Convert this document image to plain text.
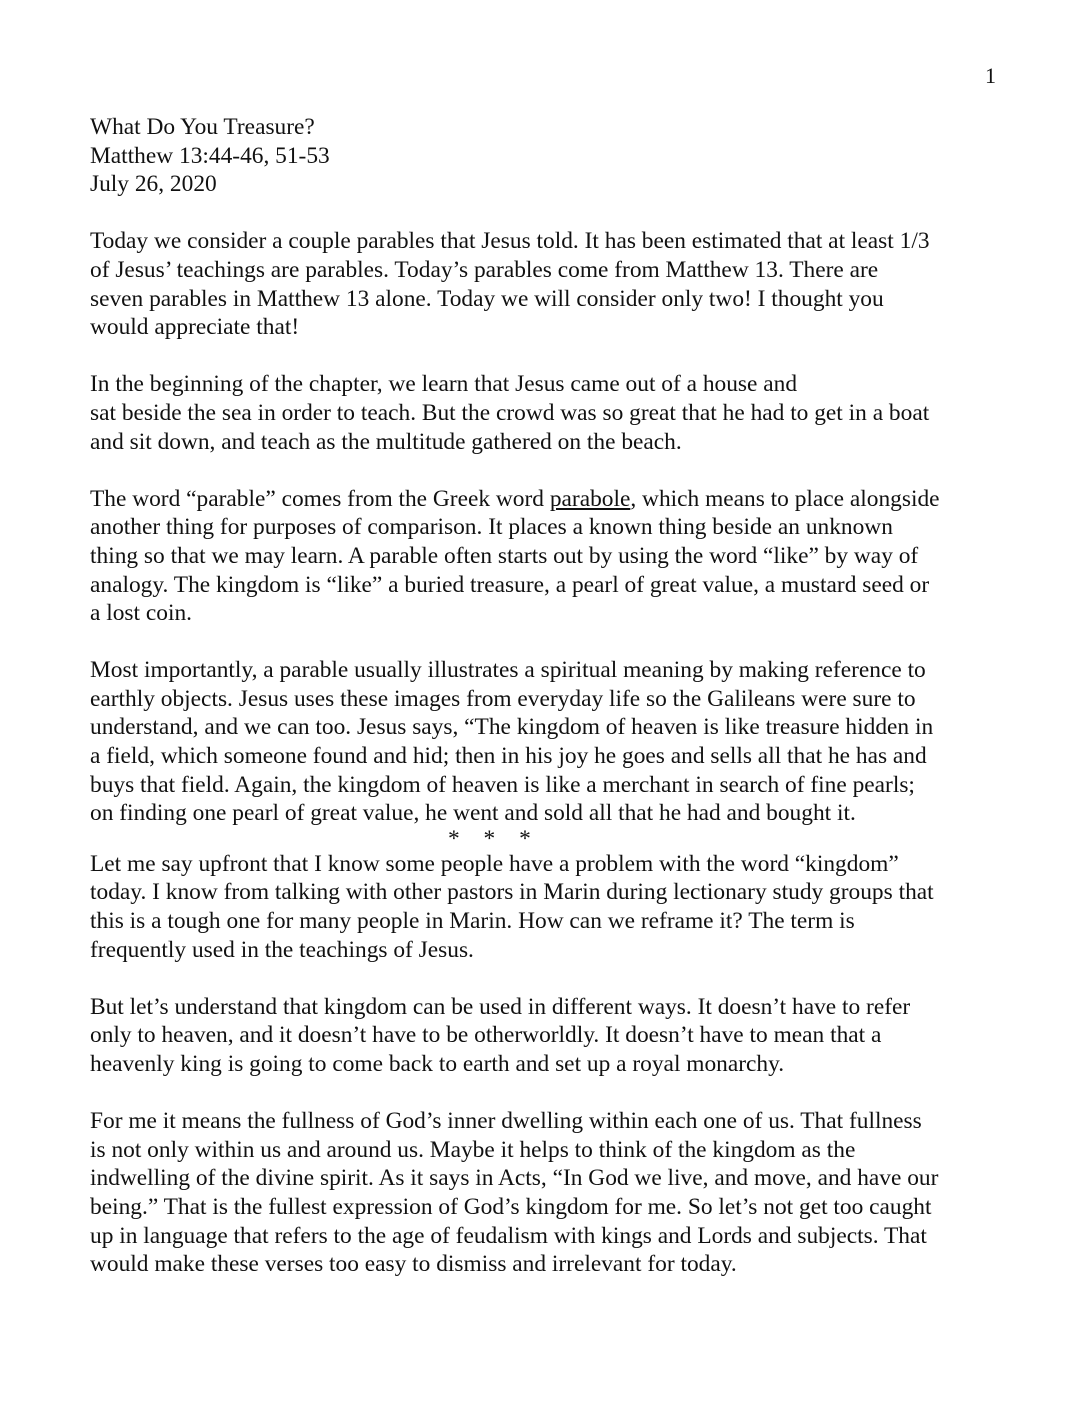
1
What Do You Treasure?
Matthew 13:44-46, 51-53
July 26, 2020
Today we consider a couple parables that Jesus told. It has been estimated that at least 1/3
of Jesus’ teachings are parables. Today’s parables come from Matthew 13. There are
seven parables in Matthew 13 alone. Today we will consider only two! I thought you
would appreciate that!
In the beginning of the chapter, we learn that Jesus came out of a house and
sat beside the sea in order to teach. But the crowd was so great that he had to get in a boat
and sit down, and teach as the multitude gathered on the beach.
The word “parable” comes from the Greek word parabole, which means to place alongside
another thing for purposes of comparison. It places a known thing beside an unknown
thing so that we may learn. A parable often starts out by using the word “like” by way of
analogy. The kingdom is “like” a buried treasure, a pearl of great value, a mustard seed or
a lost coin.
Most importantly, a parable usually illustrates a spiritual meaning by making reference to
earthly objects. Jesus uses these images from everyday life so the Galileans were sure to
understand, and we can too. Jesus says, “The kingdom of heaven is like treasure hidden in
a field, which someone found and hid; then in his joy he goes and sells all that he has and
buys that field. Again, the kingdom of heaven is like a merchant in search of fine pearls;
on finding one pearl of great value, he went and sold all that he had and bought it.
* * *
Let me say upfront that I know some people have a problem with the word “kingdom”
today. I know from talking with other pastors in Marin during lectionary study groups that
this is a tough one for many people in Marin. How can we reframe it? The term is
frequently used in the teachings of Jesus.
But let’s understand that kingdom can be used in different ways. It doesn’t have to refer
only to heaven, and it doesn’t have to be otherworldly. It doesn’t have to mean that a
heavenly king is going to come back to earth and set up a royal monarchy.
For me it means the fullness of God’s inner dwelling within each one of us. That fullness
is not only within us and around us. Maybe it helps to think of the kingdom as the
indwelling of the divine spirit. As it says in Acts, “In God we live, and move, and have our
being.” That is the fullest expression of God’s kingdom for me. So let’s not get too caught
up in language that refers to the age of feudalism with kings and Lords and subjects. That
would make these verses too easy to dismiss and irrelevant for today.
